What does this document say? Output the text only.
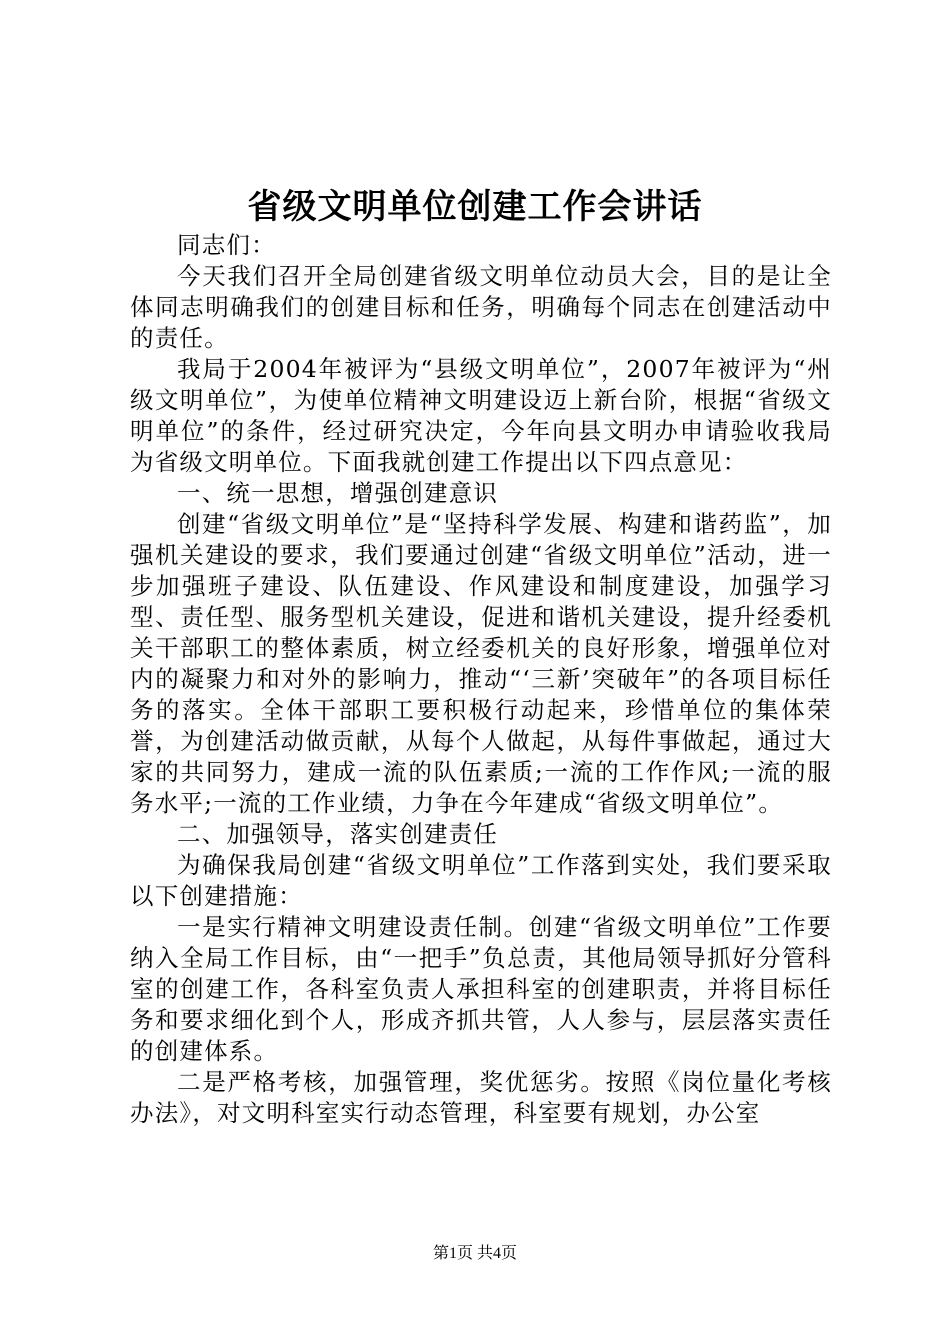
省级文明单位创建工作会讲话

同志们：

今天我们召开全局创建省级文明单位动员大会，目的是让全体同志明确我们的创建目标和任务，明确每个同志在创建活动中的责任。

我局于2004年被评为“县级文明单位”，2007年被评为“州级文明单位”，为使单位精神文明建设迈上新台阶，根据“省级文明单位”的条件，经过研究决定，今年向县文明办申请验收我局为省级文明单位。下面我就创建工作提出以下四点意见：

一、统一思想，增强创建意识

创建“省级文明单位”是“坚持科学发展、构建和谐药监”，加强机关建设的要求，我们要通过创建“省级文明单位”活动，进一步加强班子建设、队伍建设、作风建设和制度建设，加强学习型、责任型、服务型机关建设，促进和谐机关建设，提升经委机关干部职工的整体素质，树立经委机关的良好形象，增强单位对内的凝聚力和对外的影响力，推动“‘三新’突破年”的各项目标任务的落实。全体干部职工要积极行动起来，珍惜单位的集体荣誉，为创建活动做贡献，从每个人做起，从每件事做起，通过大家的共同努力，建成一流的队伍素质;一流的工作作风;一流的服务水平;一流的工作业绩，力争在今年建成“省级文明单位”。

二、加强领导，落实创建责任

为确保我局创建“省级文明单位”工作落到实处，我们要采取以下创建措施：

一是实行精神文明建设责任制。创建“省级文明单位”工作要纳入全局工作目标，由“一把手”负总责，其他局领导抓好分管科室的创建工作，各科室负责人承担科室的创建职责，并将目标任务和要求细化到个人，形成齐抓共管，人人参与，层层落实责任的创建体系。

二是严格考核，加强管理，奖优惩劣。按照《岗位量化考核办法》，对文明科室实行动态管理，科室要有规划，办公室

第1页 共4页
